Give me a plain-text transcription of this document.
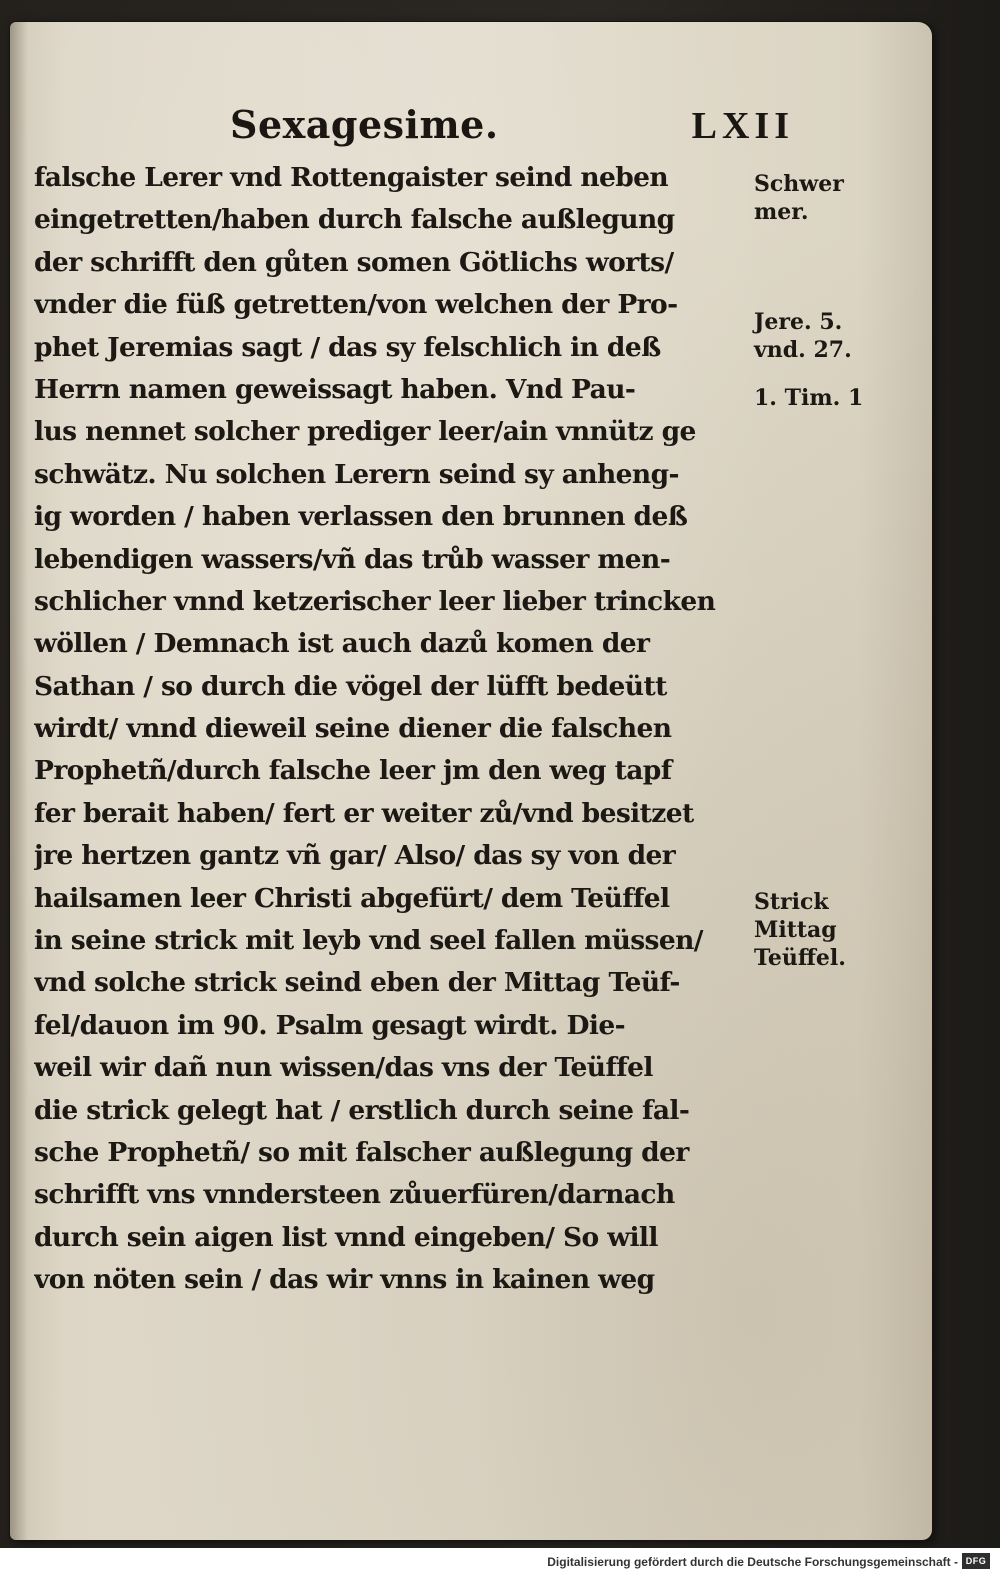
Sexagesime.	LXII
falsche Lerer vnd Rottengaister seind neben
eingetretten/haben durch falsche außlegung
der schrifft den gůten somen Götlichs worts/
vnder die füß getretten/von welchen der Pro-
phet Jeremias sagt / das sy felschlich in deß
Herrn namen geweissagt haben. Vnd Pau-
lus nennet solcher prediger leer/ain vnnütz ge
schwätz. Nu solchen Lerern seind sy anheng-
ig worden / haben verlassen den brunnen deß
lebendigen wassers/vñ das trůb wasser men-
schlicher vnnd ketzerischer leer lieber trincken
wöllen / Demnach ist auch dazů komen der
Sathan / so durch die vögel der lüfft bedeütt
wirdt/ vnnd dieweil seine diener die falschen
Prophetñ/durch falsche leer jm den weg tapf
fer berait haben/ fert er weiter zů/vnd besitzet
jre hertzen gantz vñ gar/ Also/ das sy von der
hailsamen leer Christi abgefürt/ dem Teüffel
in seine strick mit leyb vnd seel fallen müssen/
vnd solche strick seind eben der Mittag Teüf-
fel/dauon im 90. Psalm gesagt wirdt. Die-
weil wir dañ nun wissen/das vns der Teüffel
die strick gelegt hat / erstlich durch seine fal-
sche Prophetñ/ so mit falscher außlegung der
schrifft vns vnndersteen zůuerfüren/darnach
durch sein aigen list vnnd eingeben/ So will
von nöten sein / das wir vnns in kainen weg
Schwer
mer.
Jere. 5.
vnd. 27.
1. Tim. 1
Strick
Mittag
Teüffel.
Digitalisierung gefördert durch die Deutsche Forschungsgemeinschaft - DFG
